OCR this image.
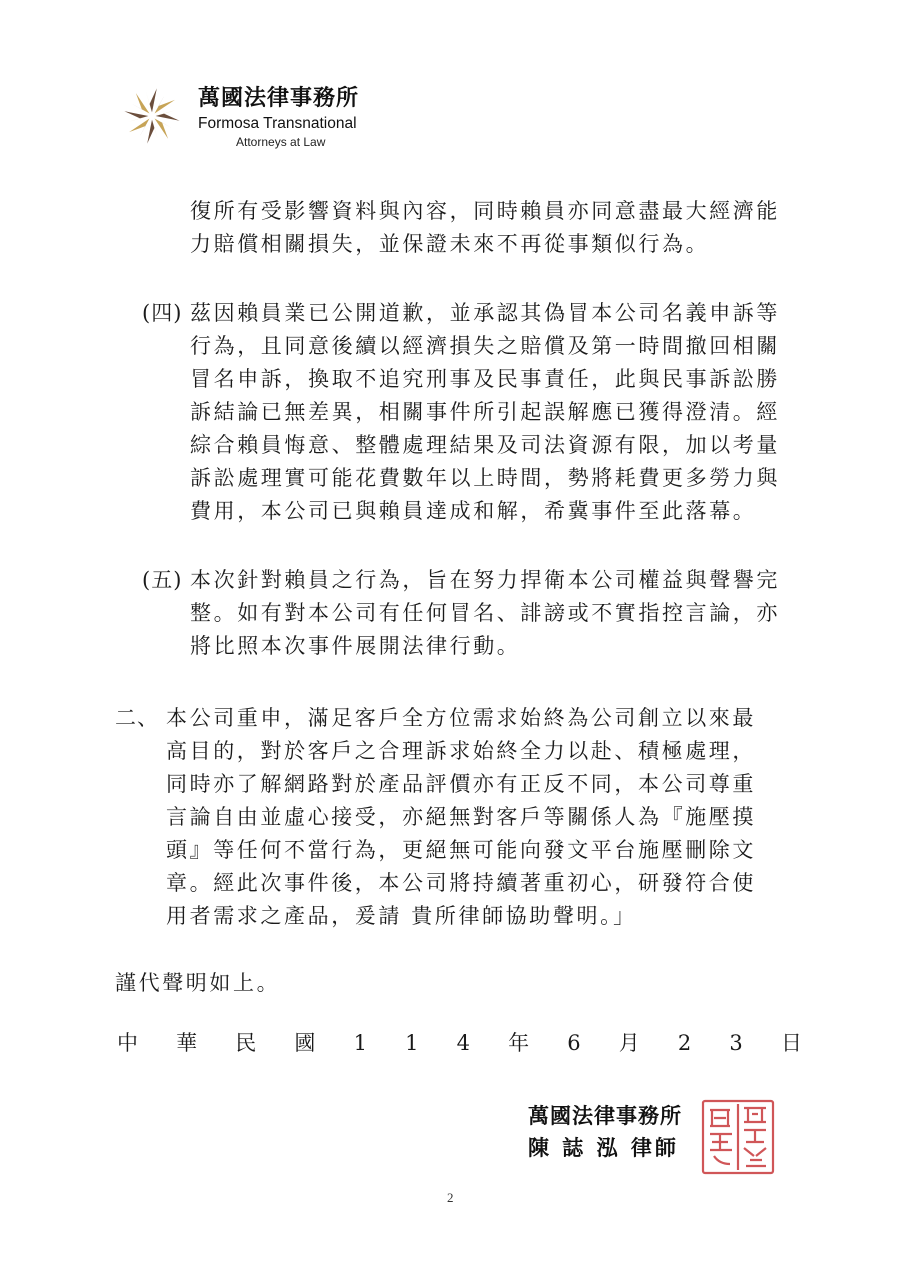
萬國法律事務所
Formosa Transnational
Attorneys at Law
復所有受影響資料與內容，同時賴員亦同意盡最大經濟能
力賠償相關損失，並保證未來不再從事類似行為。
(四) 茲因賴員業已公開道歉，並承認其偽冒本公司名義申訴等
行為，且同意後續以經濟損失之賠償及第一時間撤回相關
冒名申訴，換取不追究刑事及民事責任，此與民事訴訟勝
訴結論已無差異，相關事件所引起誤解應已獲得澄清。經
綜合賴員悔意、整體處理結果及司法資源有限，加以考量
訴訟處理實可能花費數年以上時間，勢將耗費更多勞力與
費用，本公司已與賴員達成和解，希冀事件至此落幕。
(五) 本次針對賴員之行為，旨在努力捍衛本公司權益與聲譽完
整。如有對本公司有任何冒名、誹謗或不實指控言論，亦
將比照本次事件展開法律行動。
二、 本公司重申，滿足客戶全方位需求始終為公司創立以來最
高目的，對於客戶之合理訴求始終全力以赴、積極處理，
同時亦了解網路對於產品評價亦有正反不同，本公司尊重
言論自由並虛心接受，亦絕無對客戶等關係人為『施壓摸
頭』等任何不當行為，更絕無可能向發文平台施壓刪除文
章。經此次事件後，本公司將持續著重初心，研發符合使
用者需求之產品，爰請 貴所律師協助聲明。」
謹代聲明如上。
中 華 民 國 1 1 4 年 6 月 2 3 日
萬國法律事務所
陳 誌 泓 律師
2
